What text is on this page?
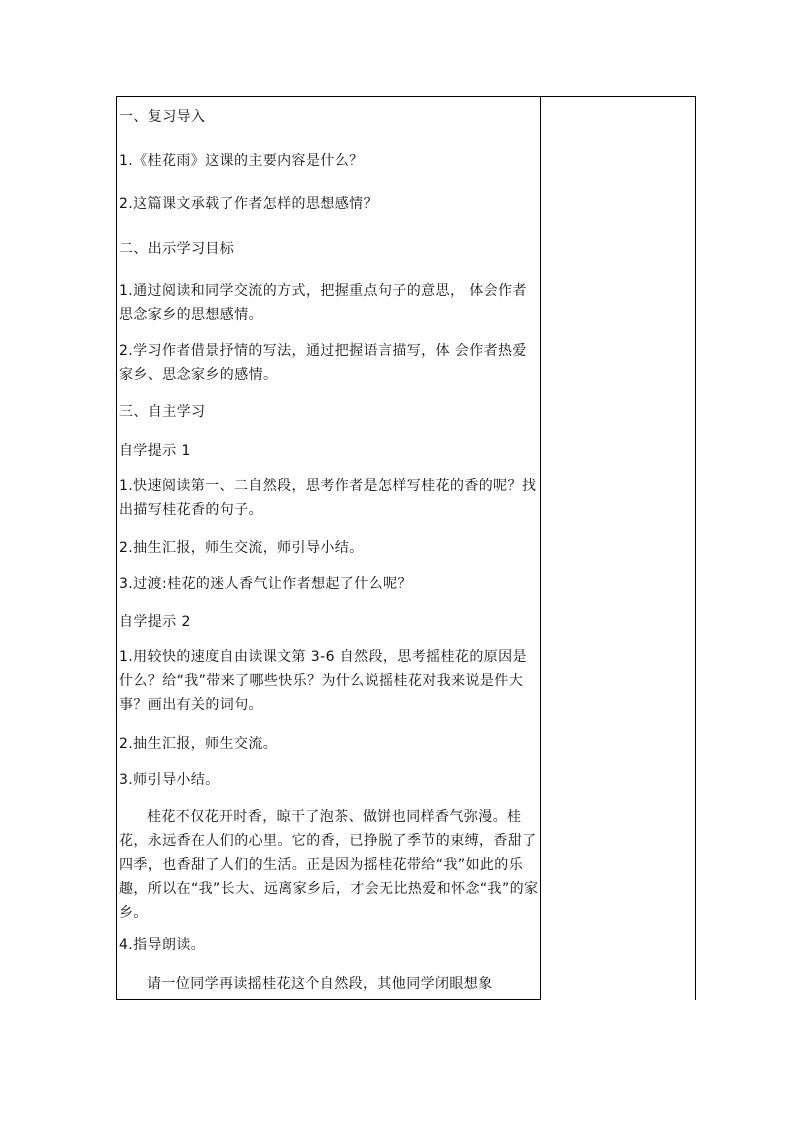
一、复习导入
1.《桂花雨》这课的主要内容是什么？
2.这篇课文承载了作者怎样的思想感情？
二、出示学习目标
1.通过阅读和同学交流的方式，把握重点句子的意思， 体会作者思念家乡的思想感情。
2.学习作者借景抒情的写法，通过把握语言描写，体 会作者热爱家乡、思念家乡的感情。
三、自主学习
自学提示 1
1.快速阅读第一、二自然段，思考作者是怎样写桂花的香的呢？找出描写桂花香的句子。
2.抽生汇报，师生交流，师引导小结。
3.过渡:桂花的迷人香气让作者想起了什么呢？
自学提示 2
1.用较快的速度自由读课文第 3-6 自然段，思考摇桂花的原因是什么？给“我”带来了哪些快乐？为什么说摇桂花对我来说是件大事？画出有关的词句。
2.抽生汇报，师生交流。
3.师引导小结。
桂花不仅花开时香，晾干了泡茶、做饼也同样香气弥漫。桂花，永远香在人们的心里。它的香，已挣脱了季节的束缚，香甜了四季，也香甜了人们的生活。正是因为摇桂花带给“我”如此的乐趣，所以在“我”长大、远离家乡后，才会无比热爱和怀念“我”的家乡。
4.指导朗读。
请一位同学再读摇桂花这个自然段，其他同学闭眼想象
